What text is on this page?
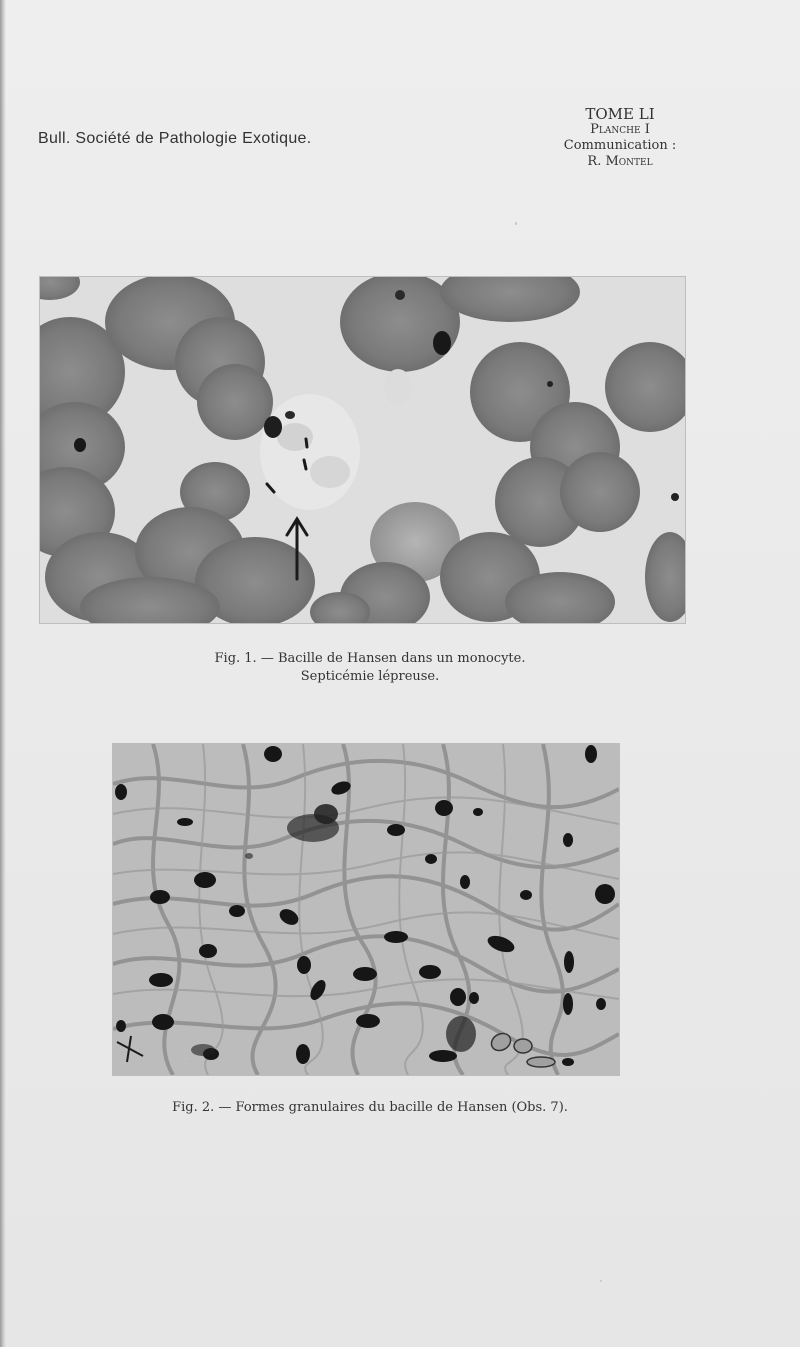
Bull. Société de Pathologie Exotique.
TOME LI
Planche I
Communication :
R. Montel
Fig. 1. — Bacille de Hansen dans un monocyte.
Septicémie lépreuse.
Fig. 2. — Formes granulaires du bacille de Hansen (Obs. 7).
